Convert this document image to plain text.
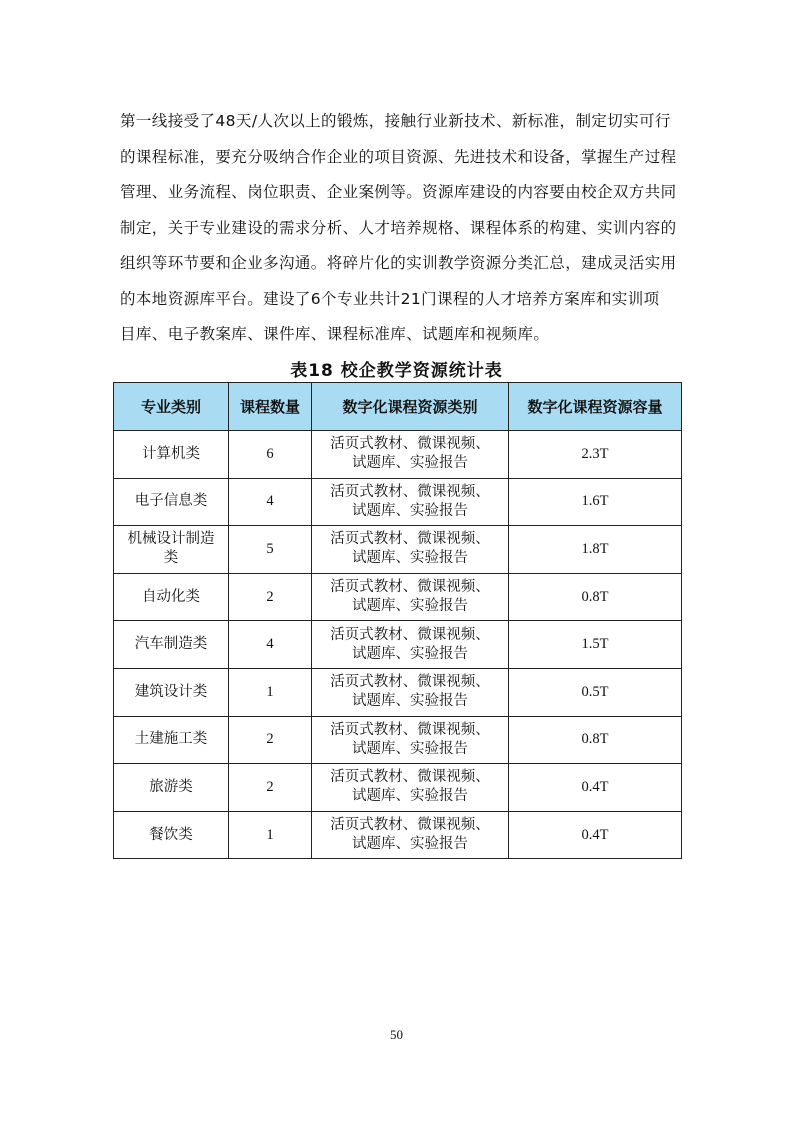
第一线接受了48天/人次以上的锻炼，接触行业新技术、新标准，制定切实可行
的课程标准，要充分吸纳合作企业的项目资源、先进技术和设备，掌握生产过程
管理、业务流程、岗位职责、企业案例等。资源库建设的内容要由校企双方共同
制定，关于专业建设的需求分析、人才培养规格、课程体系的构建、实训内容的
组织等环节要和企业多沟通。将碎片化的实训教学资源分类汇总，建成灵活实用
的本地资源库平台。建设了6个专业共计21门课程的人才培养方案库和实训项
目库、电子教案库、课件库、课程标准库、试题库和视频库。
表18 校企教学资源统计表
专业类别	课程数量	数字化课程资源类别	数字化课程资源容量
计算机类	6	活页式教材、微课视频、
试题库、实验报告	2.3T
电子信息类	4	活页式教材、微课视频、
试题库、实验报告	1.6T

机械设计制造类	5	活页式教材、微课视频、
试题库、实验报告	1.8T
自动化类	2	活页式教材、微课视频、
试题库、实验报告	0.8T
汽车制造类	4	活页式教材、微课视频、
试题库、实验报告	1.5T
建筑设计类	1	活页式教材、微课视频、
试题库、实验报告	0.5T
土建施工类	2	活页式教材、微课视频、
试题库、实验报告	0.8T
旅游类	2	活页式教材、微课视频、
试题库、实验报告	0.4T
餐饮类	1	活页式教材、微课视频、
试题库、实验报告	0.4T
50
